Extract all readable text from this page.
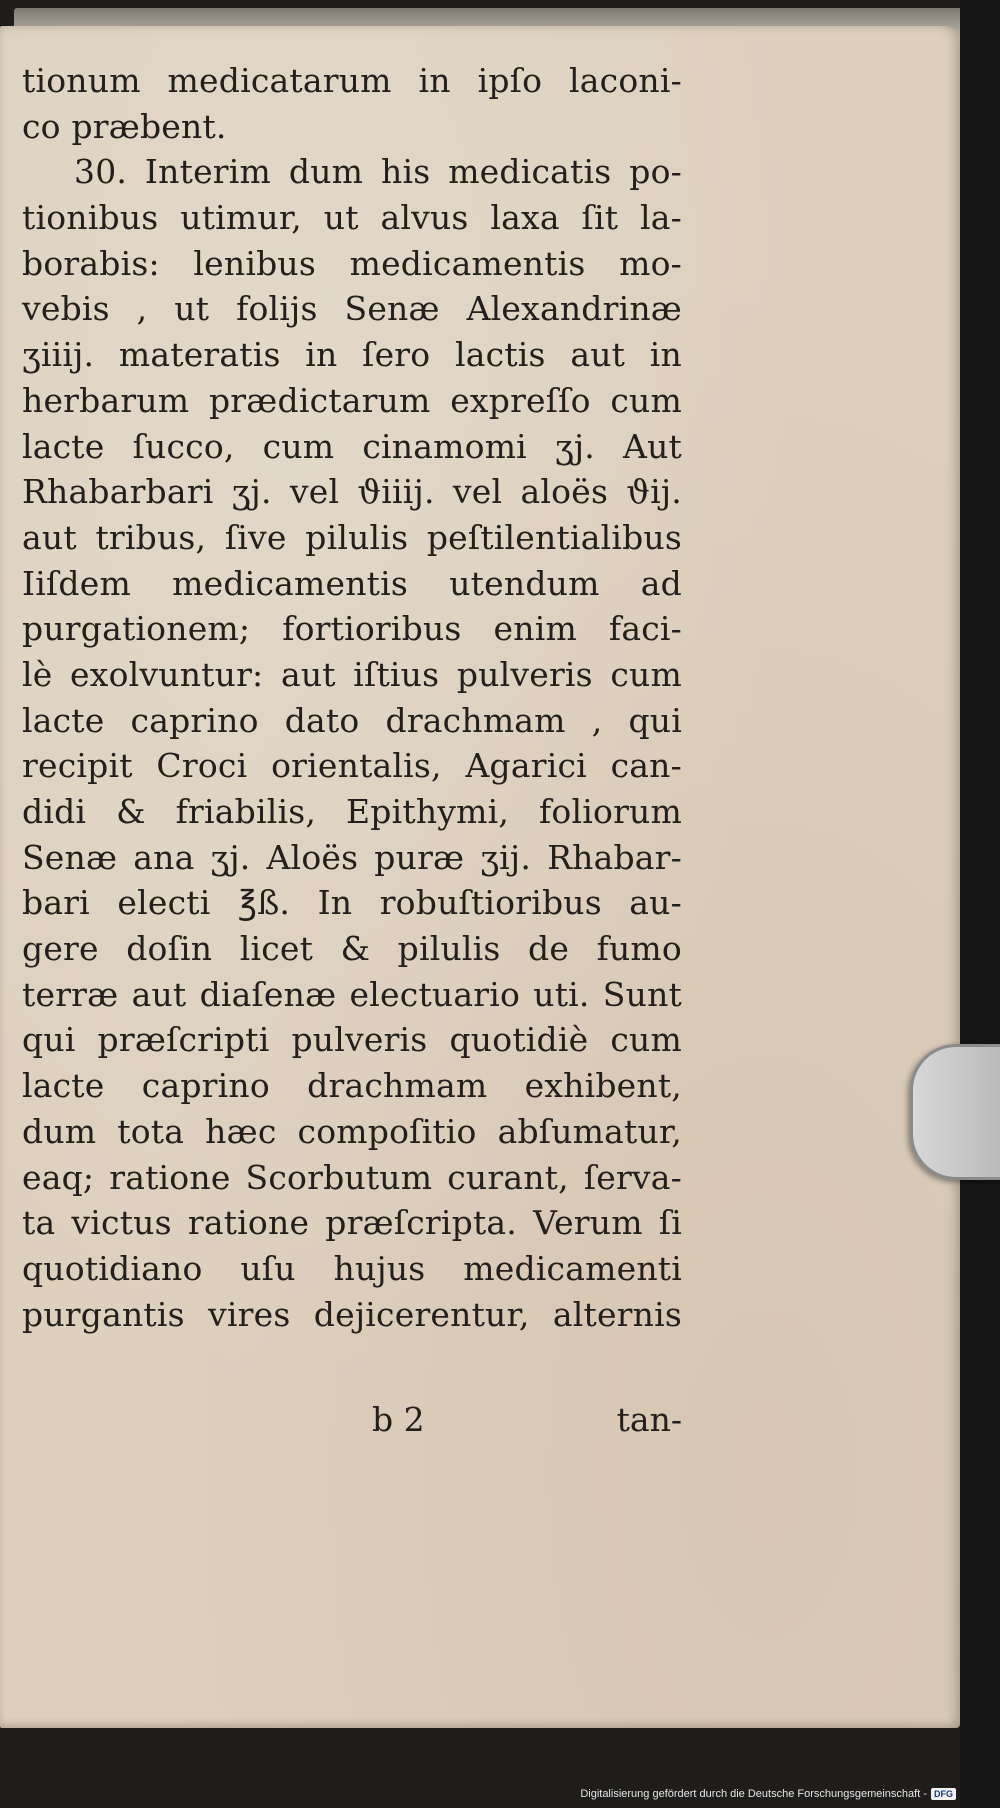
tionum medicatarum in ipſo laconi-
co præbent.
30. Interim dum his medicatis po-
tionibus utimur, ut alvus laxa ſit la-
borabis: lenibus medicamentis mo-
vebis , ut folijs Senæ Alexandrinæ
ʒiiij. materatis in ſero lactis aut in
herbarum prædictarum expreſſo cum
lacte ſucco, cum cinamomi ʒj. Aut
Rhabarbari ʒj. vel ϑiiij. vel aloës ϑij.
aut tribus, ſive pilulis peſtilentialibus
Iiſdem medicamentis utendum ad
purgationem; fortioribus enim faci-
lè exolvuntur: aut iſtius pulveris cum
lacte caprino dato drachmam , qui
recipit Croci orientalis, Agarici can-
didi & friabilis, Epithymi, foliorum
Senæ ana ʒj. Aloës puræ ʒij. Rhabar-
bari electi ℥ß. In robuſtioribus au-
gere doſin licet & pilulis de fumo
terræ aut diaſenæ electuario uti. Sunt
qui præſcripti pulveris quotidiè cum
lacte caprino drachmam exhibent,
dum tota hæc compoſitio abſumatur,
eaq; ratione Scorbutum curant, ſerva-
ta victus ratione præſcripta. Verum ſi
quotidiano uſu hujus medicamenti
purgantis vires dejicerentur, alternis
b 2	tan-
Digitalisierung gefördert durch die Deutsche Forschungsgemeinschaft - DFG
